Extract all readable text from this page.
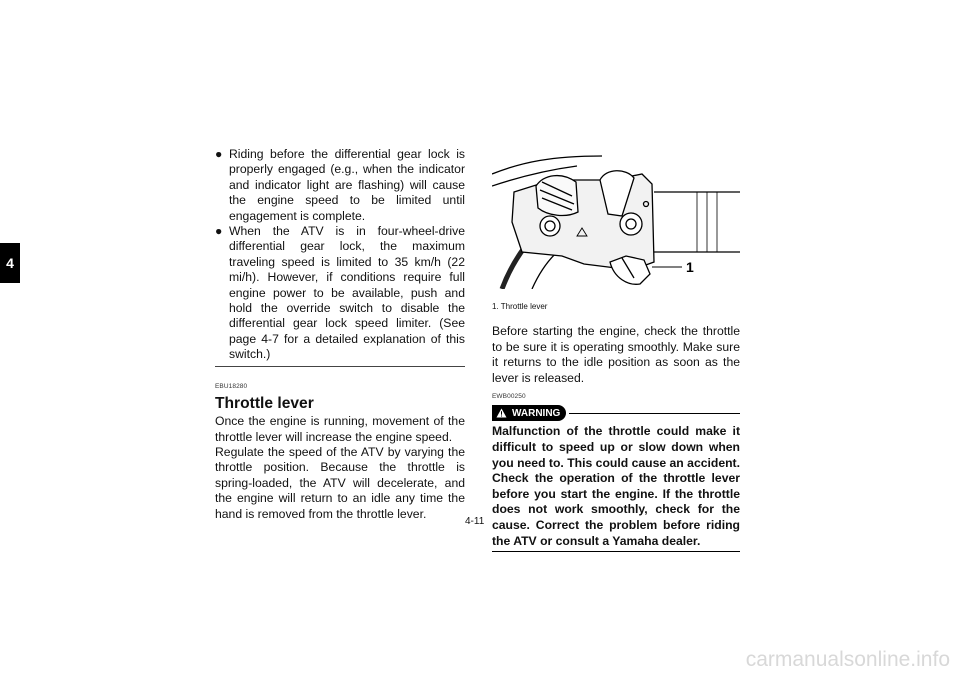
4

● Riding before the differential gear lock is properly engaged (e.g., when the indicator and indicator light are flashing) will cause the engine speed to be limited until engagement is complete.

● When the ATV is in four-wheel-drive differential gear lock, the maximum traveling speed is limited to 35 km/h (22 mi/h). However, if conditions require full engine power to be available, push and hold the override switch to disable the differential gear lock speed limiter. (See page 4-7 for a detailed explanation of this switch.)

EBU18280
Throttle lever

Once the engine is running, movement of the throttle lever will increase the engine speed.

Regulate the speed of the ATV by varying the throttle position. Because the throttle is spring-loaded, the ATV will decelerate, and the engine will return to an idle any time the hand is removed from the throttle lever.

1
1. Throttle lever

Before starting the engine, check the throttle to be sure it is operating smoothly. Make sure it returns to the idle position as soon as the lever is released.

EWB00250
WARNING

Malfunction of the throttle could make it difficult to speed up or slow down when you need to. This could cause an accident. Check the operation of the throttle lever before you start the engine. If the throttle does not work smoothly, check for the cause. Correct the problem before riding the ATV or consult a Yamaha dealer.

4-11
carmanualsonline.info
